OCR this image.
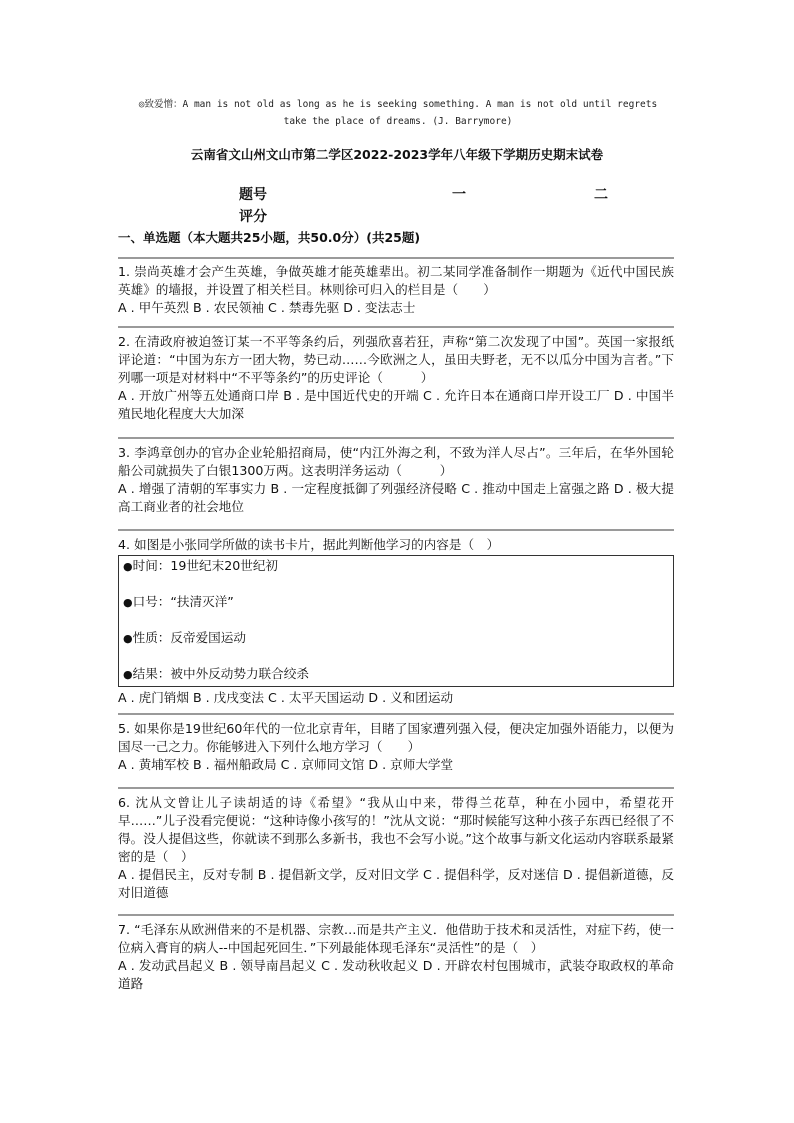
◎致爱憎：A man is not old as long as he is seeking something. A man is not old until regrets
take the place of dreams. (J. Barrymore)
云南省文山州文山市第二学区2022-2023学年八年级下学期历史期末试卷
题号	一	二
评分
一、单选题（本大题共25小题，共50.0分）(共25题)

1. 崇尚英雄才会产生英雄，争做英雄才能英雄辈出。初二某同学准备制作一期题为《近代中国民族英雄》的墙报，并设置了相关栏目。林则徐可归入的栏目是（　　）

A . 甲午英烈 B . 农民领袖 C . 禁毒先驱 D . 变法志士

2. 在清政府被迫签订某一不平等条约后，列强欣喜若狂，声称“第二次发现了中国”。英国一家报纸评论道：“中国为东方一团大物，势已动……今欧洲之人，虽田夫野老，无不以瓜分中国为言者。”下列哪一项是对材料中“不平等条约”的历史评论（　　　）

A . 开放广州等五处通商口岸 B . 是中国近代史的开端 C . 允许日本在通商口岸开设工厂 D . 中国半殖民地化程度大大加深

3. 李鸿章创办的官办企业轮船招商局，使“内江外海之利，不致为洋人尽占”。三年后，在华外国轮船公司就损失了白银1300万两。这表明洋务运动（　　　）

A . 增强了清朝的军事实力 B . 一定程度抵御了列强经济侵略 C . 推动中国走上富强之路 D . 极大提高工商业者的社会地位

4. 如图是小张同学所做的读书卡片，据此判断他学习的内容是（　）

●时间：19世纪末20世纪初
●口号：“扶清灭洋”
●性质：反帝爱国运动
●结果：被中外反动势力联合绞杀

A . 虎门销烟 B . 戊戌变法 C . 太平天国运动 D . 义和团运动

5. 如果你是19世纪60年代的一位北京青年，目睹了国家遭列强入侵，便决定加强外语能力，以便为国尽一己之力。你能够进入下列什么地方学习（　　）

A . 黄埔军校 B . 福州船政局 C . 京师同文馆 D . 京师大学堂

6. 沈从文曾让儿子读胡适的诗《希望》“我从山中来，带得兰花草，种在小园中，希望花开早……”儿子没看完便说：“这种诗像小孩写的！”沈从文说：“那时候能写这种小孩子东西已经很了不得。没人提倡这些，你就读不到那么多新书，我也不会写小说。”这个故事与新文化运动内容联系最紧密的是（　）

A . 提倡民主，反对专制 B . 提倡新文学，反对旧文学 C . 提倡科学，反对迷信 D . 提倡新道德，反对旧道德

7. “毛泽东从欧洲借来的不是机器、宗教…而是共产主义．他借助于技术和灵活性，对症下药，使一位病入膏肓的病人--中国起死回生．”下列最能体现毛泽东“灵活性”的是（　）

A . 发动武昌起义 B . 领导南昌起义 C . 发动秋收起义 D . 开辟农村包围城市，武装夺取政权的革命道路
